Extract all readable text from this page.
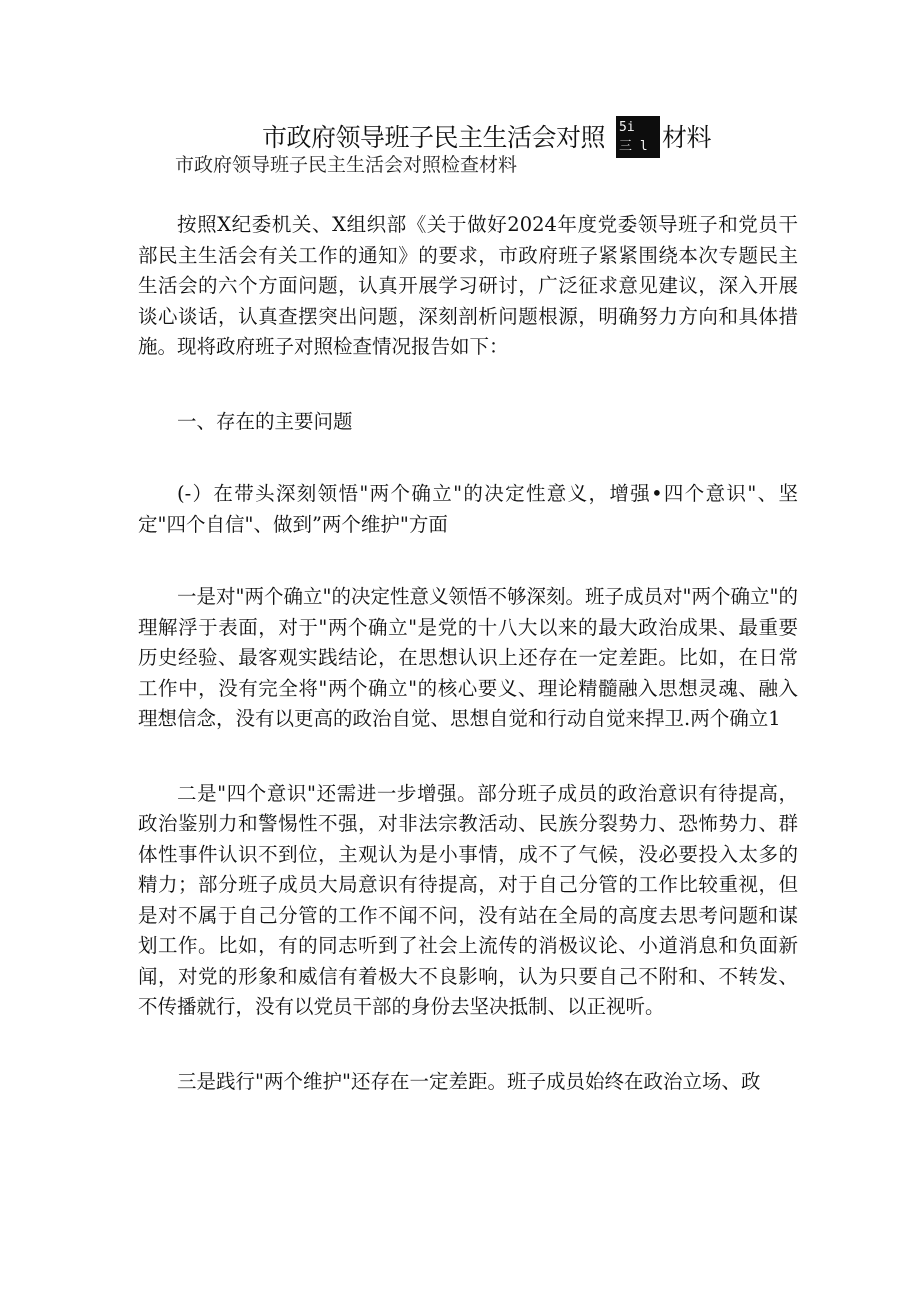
市政府领导班子民主生活会对照 5i
三 l 材料
市政府领导班子民主生活会对照检查材料

按照X纪委机关、X组织部《关于做好2024年度党委领导班子和党员干部民主生活会有关工作的通知》的要求，市政府班子紧紧围绕本次专题民主生活会的六个方面问题，认真开展学习研讨，广泛征求意见建议，深入开展谈心谈话，认真查摆突出问题，深刻剖析问题根源，明确努力方向和具体措施。现将政府班子对照检查情况报告如下：

一、存在的主要问题

(-）在带头深刻领悟"两个确立"的决定性意义，增强•四个意识"、坚定"四个自信"、做到”两个维护"方面

一是对"两个确立"的决定性意义领悟不够深刻。班子成员对"两个确立"的理解浮于表面，对于"两个确立"是党的十八大以来的最大政治成果、最重要历史经验、最客观实践结论，在思想认识上还存在一定差距。比如，在日常工作中，没有完全将"两个确立"的核心要义、理论精髓融入思想灵魂、融入理想信念，没有以更高的政治自觉、思想自觉和行动自觉来捍卫.两个确立1

二是"四个意识"还需进一步增强。部分班子成员的政治意识有待提高，政治鉴别力和警惕性不强，对非法宗教活动、民族分裂势力、恐怖势力、群体性事件认识不到位，主观认为是小事情，成不了气候，没必要投入太多的精力；部分班子成员大局意识有待提高，对于自己分管的工作比较重视，但是对不属于自己分管的工作不闻不问，没有站在全局的高度去思考问题和谋划工作。比如，有的同志听到了社会上流传的消极议论、小道消息和负面新闻，对党的形象和威信有着极大不良影响，认为只要自己不附和、不转发、不传播就行，没有以党员干部的身份去坚决抵制、以正视听。

三是践行"两个维护"还存在一定差距。班子成员始终在政治立场、政
